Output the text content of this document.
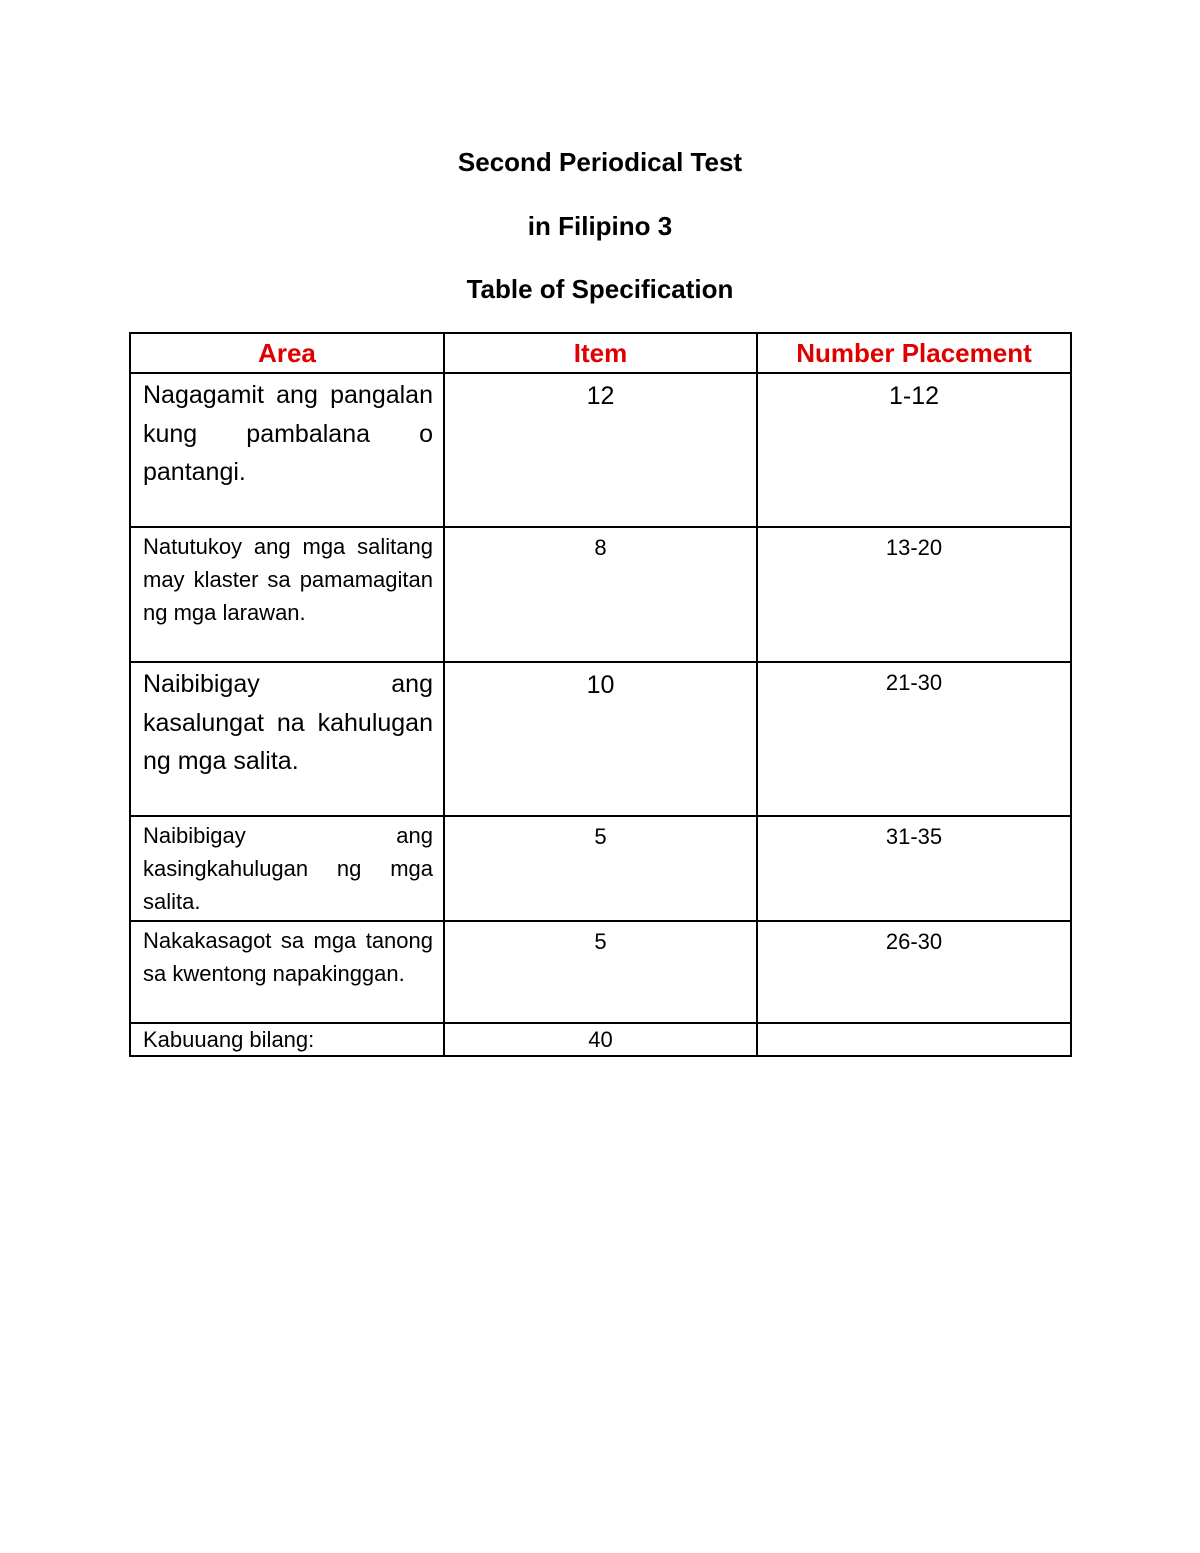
Second Periodical Test
in Filipino 3
Table of Specification
Area	Item	Number Placement
Nagagamit ang pangalan kung pambalana o pantangi.	12	1-12
Natutukoy ang mga salitang may klaster sa pamamagitan ng mga larawan.	8	13-20
Naibibigay ang kasalungat na kahulugan ng mga salita.	10	21-30
Naibibigay ang kasingkahulugan ng mga salita.	5	31-35
Nakakasagot sa mga tanong sa kwentong napakinggan.	5	26-30
Kabuuang bilang:	40	
